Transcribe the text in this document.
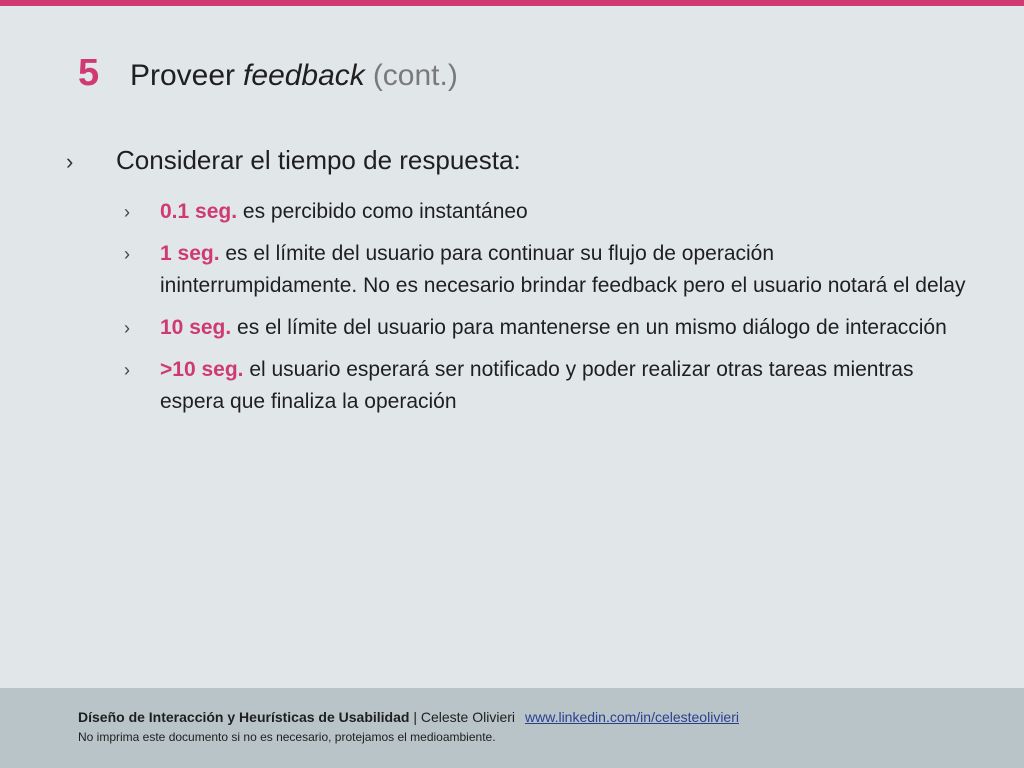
5	Proveer feedback (cont.)
› Considerar el tiempo de respuesta:
› 0.1 seg. es percibido como instantáneo
› 1 seg. es el límite del usuario para continuar su flujo de operación ininterrumpidamente. No es necesario brindar feedback pero el usuario notará el delay
› 10 seg. es el límite del usuario para mantenerse en un mismo diálogo de interacción
› >10 seg. el usuario esperará ser notificado y poder realizar otras tareas mientras espera que finaliza la operación
Díseño de Interacción y Heurísticas de Usabilidad | Celeste Olivieri www.linkedin.com/in/celesteolivieri
No imprima este documento si no es necesario, protejamos el medioambiente.
